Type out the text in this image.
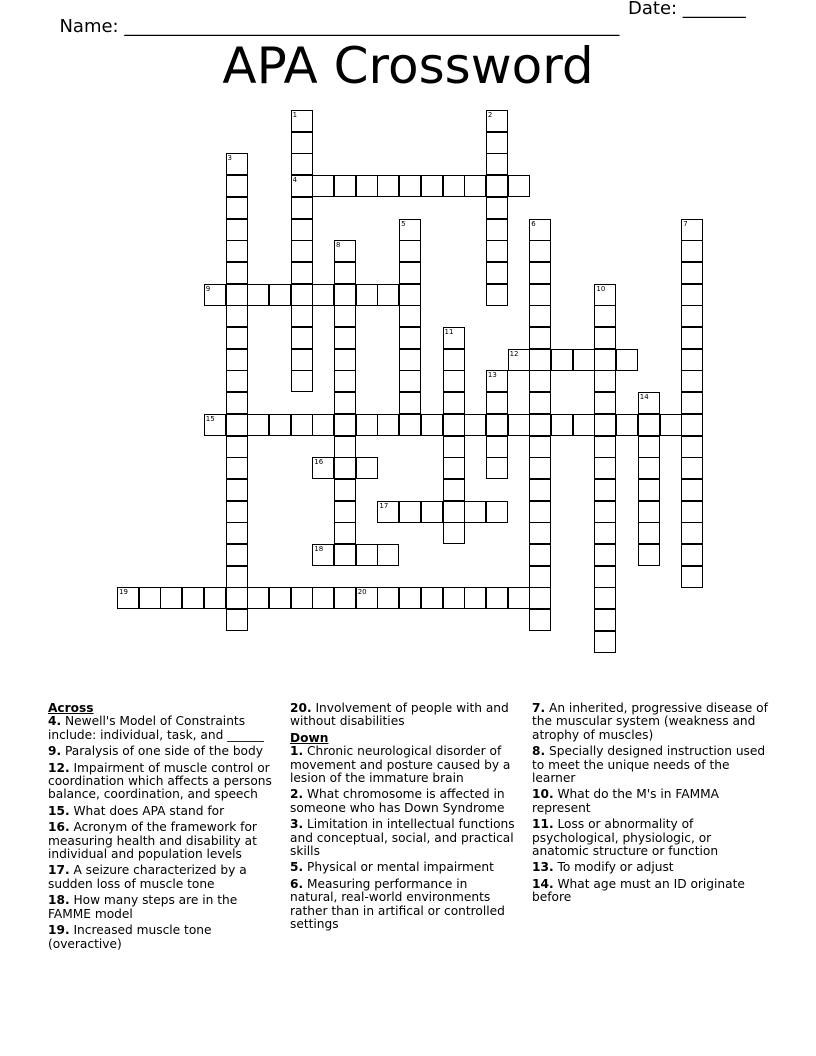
Name: _______________________________________________________

Date: _______

APA Crossword
1
4
2
3
5	6	7
8
9	10
11
12
13
14
15
16
17
18
19	20

Across

4. Newell's Model of Constraints include: individual, task, and ______
9. Paralysis of one side of the body
12. Impairment of muscle control or coordination which affects a persons balance, coordination, and speech
15. What does APA stand for
16. Acronym of the framework for measuring health and disability at individual and population levels
17. A seizure characterized by a sudden loss of muscle tone
18. How many steps are in the FAMME model
19. Increased muscle tone (overactive)
20. Involvement of people with and without disabilities

Down

1. Chronic neurological disorder of movement and posture caused by a lesion of the immature brain
2. What chromosome is affected in someone who has Down Syndrome
3. Limitation in intellectual functions and conceptual, social, and practical skills
5. Physical or mental impairment
6. Measuring performance in natural, real-world environments rather than in artifical or controlled settings
7. An inherited, progressive disease of the muscular system (weakness and atrophy of muscles)
8. Specially designed instruction used to meet the unique needs of the learner
10. What do the M's in FAMMA represent
11. Loss or abnormality of psychological, physiologic, or anatomic structure or function
13. To modify or adjust
14. What age must an ID originate before
